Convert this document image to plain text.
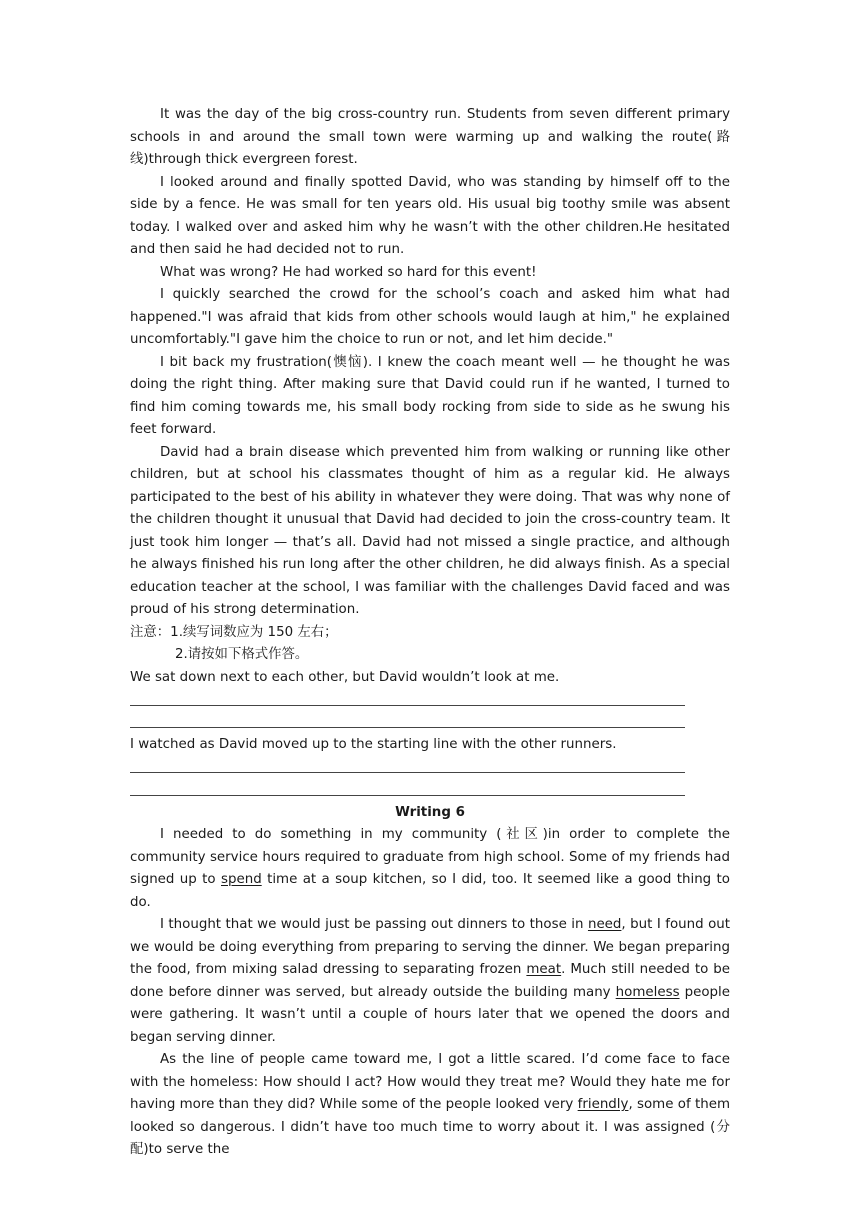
It was the day of the big cross-country run. Students from seven different primary schools in and around the small town were warming up and walking the route(路线)through thick evergreen forest.

I looked around and finally spotted David, who was standing by himself off to the side by a fence. He was small for ten years old. His usual big toothy smile was absent today. I walked over and asked him why he wasn’t with the other children.He hesitated and then said he had decided not to run.

What was wrong? He had worked so hard for this event!

I quickly searched the crowd for the school’s coach and asked him what had happened."I was afraid that kids from other schools would laugh at him," he explained uncomfortably."I gave him the choice to run or not, and let him decide."

I bit back my frustration(懊恼). I knew the coach meant well — he thought he was doing the right thing. After making sure that David could run if he wanted, I turned to find him coming towards me, his small body rocking from side to side as he swung his feet forward.

David had a brain disease which prevented him from walking or running like other children, but at school his classmates thought of him as a regular kid. He always participated to the best of his ability in whatever they were doing. That was why none of the children thought it unusual that David had decided to join the cross-country team. It just took him longer — that’s all. David had not missed a single practice, and although he always finished his run long after the other children, he did always finish. As a special education teacher at the school, I was familiar with the challenges David faced and was proud of his strong determination.

注意：1.续写词数应为 150 左右；

2.请按如下格式作答。

We sat down next to each other, but David wouldn’t look at me.

I watched as David moved up to the starting line with the other runners.

Writing 6

I needed to do something in my community (社区)in order to complete the community service hours required to graduate from high school. Some of my friends had signed up to spend time at a soup kitchen, so I did, too. It seemed like a good thing to do.

I thought that we would just be passing out dinners to those in need, but I found out we would be doing everything from preparing to serving the dinner. We began preparing the food, from mixing salad dressing to separating frozen meat. Much still needed to be done before dinner was served, but already outside the building many homeless people were gathering. It wasn’t until a couple of hours later that we opened the doors and began serving dinner.

As the line of people came toward me, I got a little scared. I’d come face to face with the homeless: How should I act? How would they treat me? Would they hate me for having more than they did? While some of the people looked very friendly, some of them looked so dangerous. I didn’t have too much time to worry about it. I was assigned (分配)to serve the
